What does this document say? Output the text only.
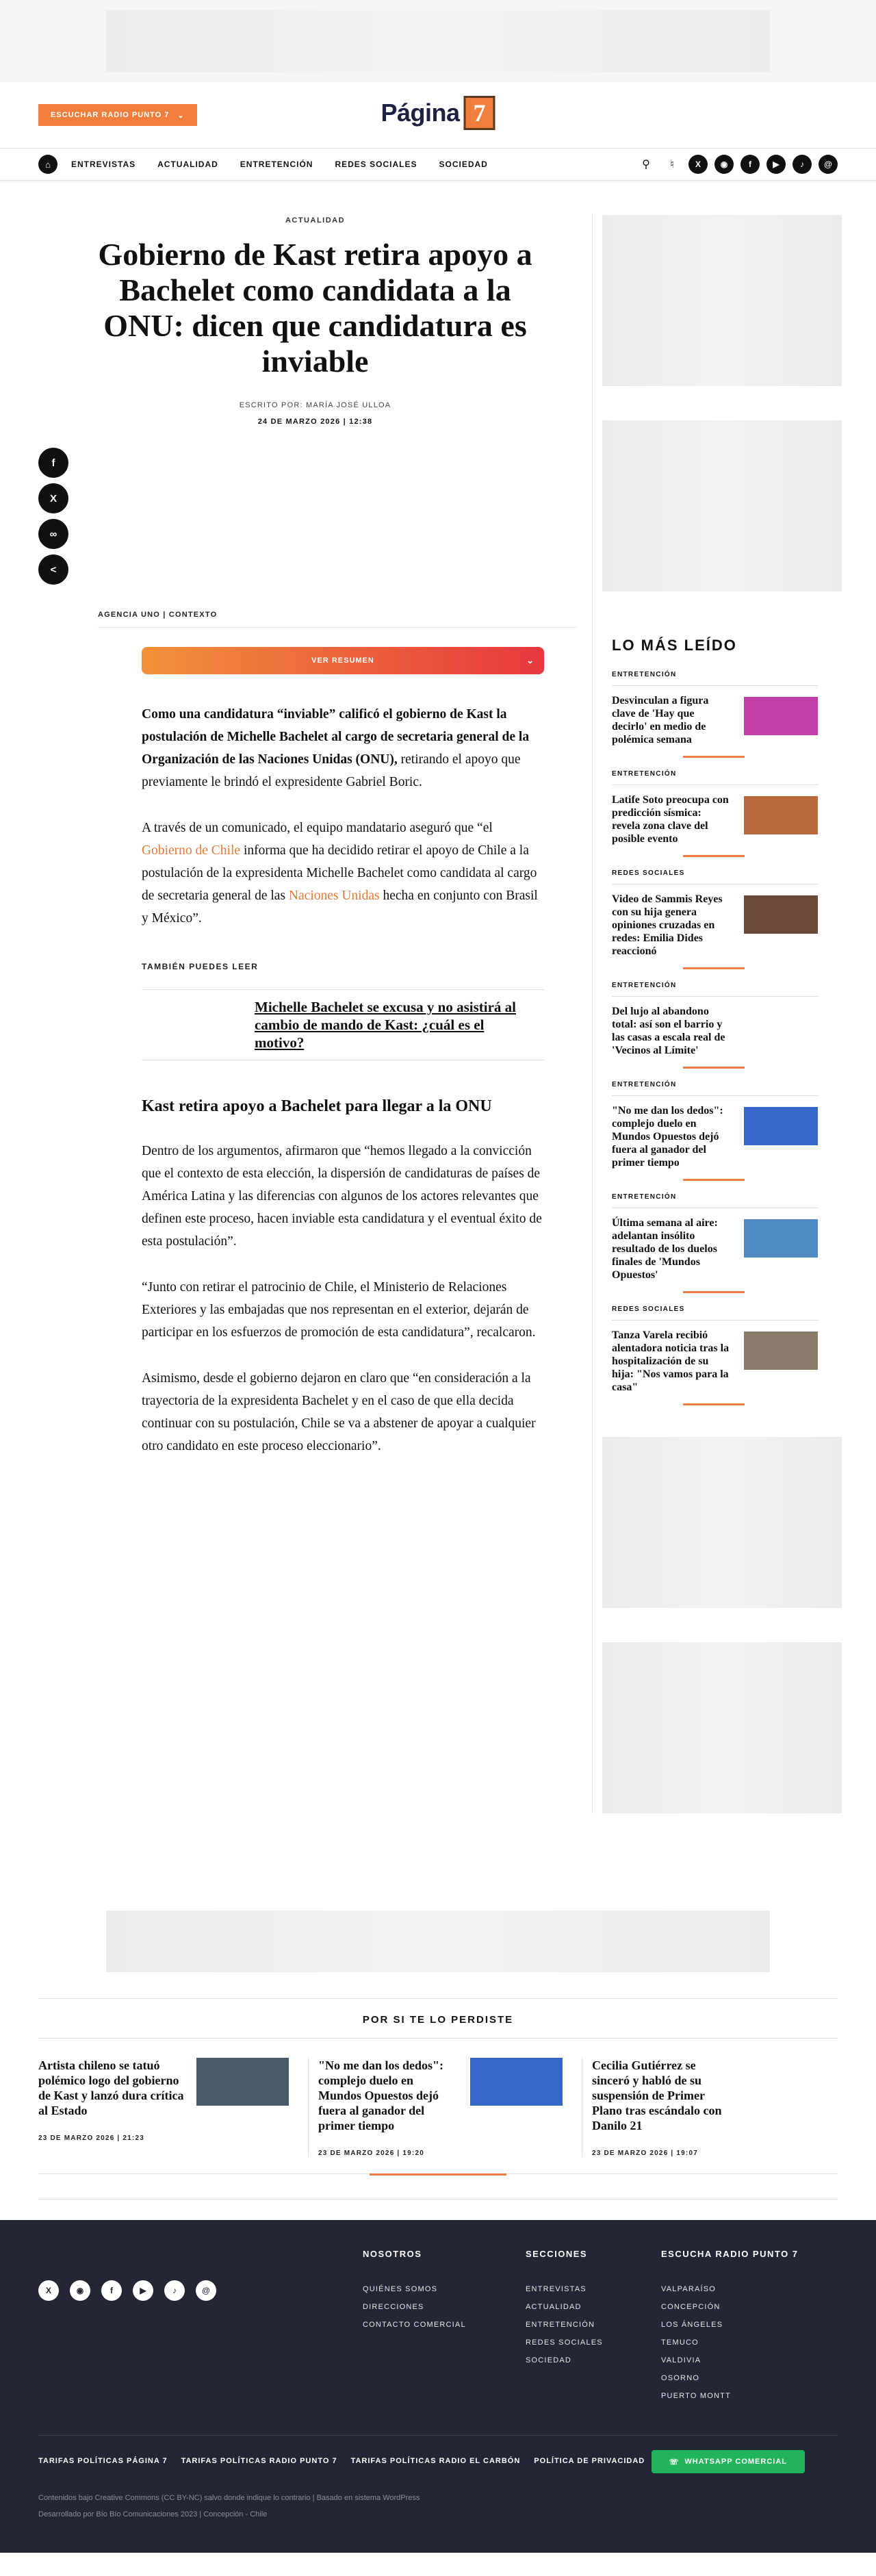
ESCUCHAR RADIO PUNTO 7 ⌄	Página 7
⌂	ENTREVISTAS	ACTUALIDAD	ENTRETENCIÓN	REDES SOCIALES	SOCIEDAD	⚲	♮	X	◉	f	▶	♪	@
ACTUALIDAD
Gobierno de Kast retira apoyo a Bachelet como candidata a la ONU: dicen que candidatura es inviable
ESCRITO POR: MARÍA JOSÉ ULLOA
24 DE MARZO 2026 | 12:38
f
X
∞
<
AGENCIA UNO | CONTEXTO
VER RESUMEN	⌄

Como una candidatura “inviable” calificó el gobierno de Kast la postulación de Michelle Bachelet al cargo de secretaria general de la Organización de las Naciones Unidas (ONU), retirando el apoyo que previamente le brindó el expresidente Gabriel Boric.

A través de un comunicado, el equipo mandatario aseguró que “el Gobierno de Chile informa que ha decidido retirar el apoyo de Chile a la postulación de la expresidenta Michelle Bachelet como candidata al cargo de secretaria general de las Naciones Unidas hecha en conjunto con Brasil y México”.

TAMBIÉN PUEDES LEER
Michelle Bachelet se excusa y no asistirá al cambio de mando de Kast: ¿cuál es el motivo?
Kast retira apoyo a Bachelet para llegar a la ONU

Dentro de los argumentos, afirmaron que “hemos llegado a la convicción que el contexto de esta elección, la dispersión de candidaturas de países de América Latina y las diferencias con algunos de los actores relevantes que definen este proceso, hacen inviable esta candidatura y el eventual éxito de esta postulación”.

“Junto con retirar el patrocinio de Chile, el Ministerio de Relaciones Exteriores y las embajadas que nos representan en el exterior, dejarán de participar en los esfuerzos de promoción de esta candidatura”, recalcaron.

Asimismo, desde el gobierno dejaron en claro que “en consideración a la trayectoria de la expresidenta Bachelet y en el caso de que ella decida continuar con su postulación, Chile se va a abstener de apoyar a cualquier otro candidato en este proceso eleccionario”.

LO MÁS LEÍDO
ENTRETENCIÓN
Desvinculan a figura clave de 'Hay que decirlo' en medio de polémica semana
ENTRETENCIÓN
Latife Soto preocupa con predicción sísmica: revela zona clave del posible evento
REDES SOCIALES
Video de Sammis Reyes con su hija genera opiniones cruzadas en redes: Emilia Dides reaccionó
ENTRETENCIÓN
Del lujo al abandono total: así son el barrio y las casas a escala real de 'Vecinos al Límite'
ENTRETENCIÓN
"No me dan los dedos": complejo duelo en Mundos Opuestos dejó fuera al ganador del primer tiempo
ENTRETENCIÓN
Última semana al aire: adelantan insólito resultado de los duelos finales de 'Mundos Opuestos'
REDES SOCIALES
Tanza Varela recibió alentadora noticia tras la hospitalización de su hija: "Nos vamos para la casa"
POR SI TE LO PERDISTE
Artista chileno se tatuó polémico logo del gobierno de Kast y lanzó dura crítica al Estado
23 DE MARZO 2026 | 21:23
"No me dan los dedos": complejo duelo en Mundos Opuestos dejó fuera al ganador del primer tiempo
23 DE MARZO 2026 | 19:20
Cecilia Gutiérrez se sinceró y habló de su suspensión de Primer Plano tras escándalo con Danilo 21
23 DE MARZO 2026 | 19:07
X	◉	f	▶	♪	@
NOSOTROS
QUIÉNES SOMOS
DIRECCIONES
CONTACTO COMERCIAL
SECCIONES
ENTREVISTAS
ACTUALIDAD
ENTRETENCIÓN
REDES SOCIALES
SOCIEDAD
ESCUCHA RADIO PUNTO 7
VALPARAÍSO
CONCEPCIÓN
LOS ÁNGELES
TEMUCO
VALDIVIA
OSORNO
PUERTO MONTT
TARIFAS POLÍTICAS PÁGINA 7 TARIFAS POLÍTICAS RADIO PUNTO 7 TARIFAS POLÍTICAS RADIO EL CARBÓN POLÍTICA DE PRIVACIDAD	☏ WHATSAPP COMERCIAL
Contenidos bajo Creative Commons (CC BY-NC) salvo donde indique lo contrario | Basado en sistema WordPress
Desarrollado por Bío Bío Comunicaciones 2023 | Concepción - Chile
